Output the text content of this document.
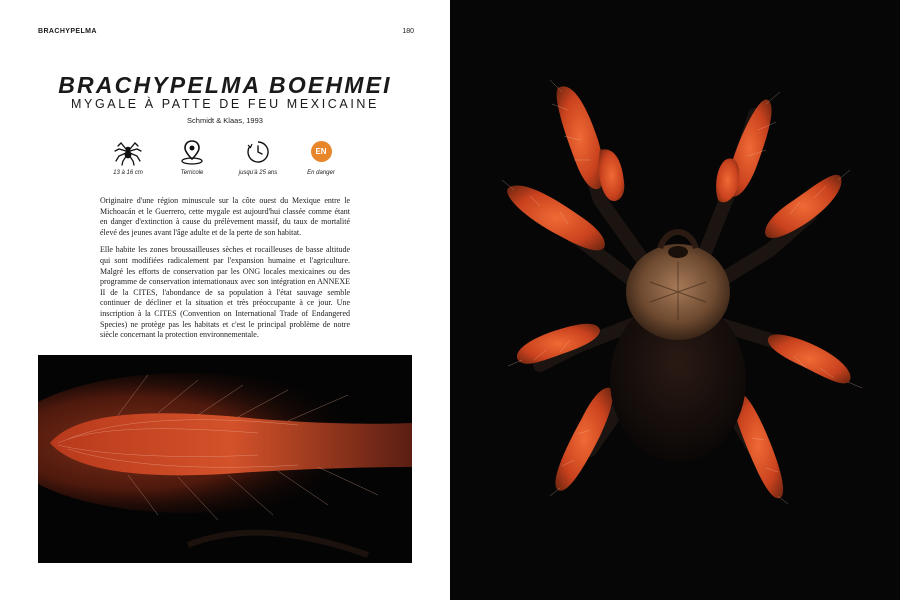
BRACHYPELMA	180
BRACHYPELMA BOEHMEI
MYGALE À PATTE DE FEU MEXICAINE
Schmidt & Klaas, 1993
13 à 16 cm	Terricole	jusqu'à 25 ans
EN
En danger

Originaire d'une région minuscule sur la côte ouest du Mexique entre le Michoacán et le Guerrero, cette mygale est aujourd'hui classée comme étant en danger d'extinction à cause du prélèvement massif, du taux de mortalité élevé des jeunes avant l'âge adulte et de la perte de son habitat.

Elle habite les zones broussailleuses sèches et rocailleuses de basse altitude qui sont modifiées radicalement par l'expansion humaine et l'agriculture. Malgré les efforts de conservation par les ONG locales mexicaines ou des programme de conservation internationaux avec son intégration en ANNEXE II de la CITES, l'abondance de sa population à l'état sauvage semble continuer de décliner et la situation et très préoccupante à ce jour. Une inscription à la CITES (Convention on International Trade of Endangered Species) ne protège pas les habitats et c'est le principal problème de notre siècle concernant la protection environnementale.
